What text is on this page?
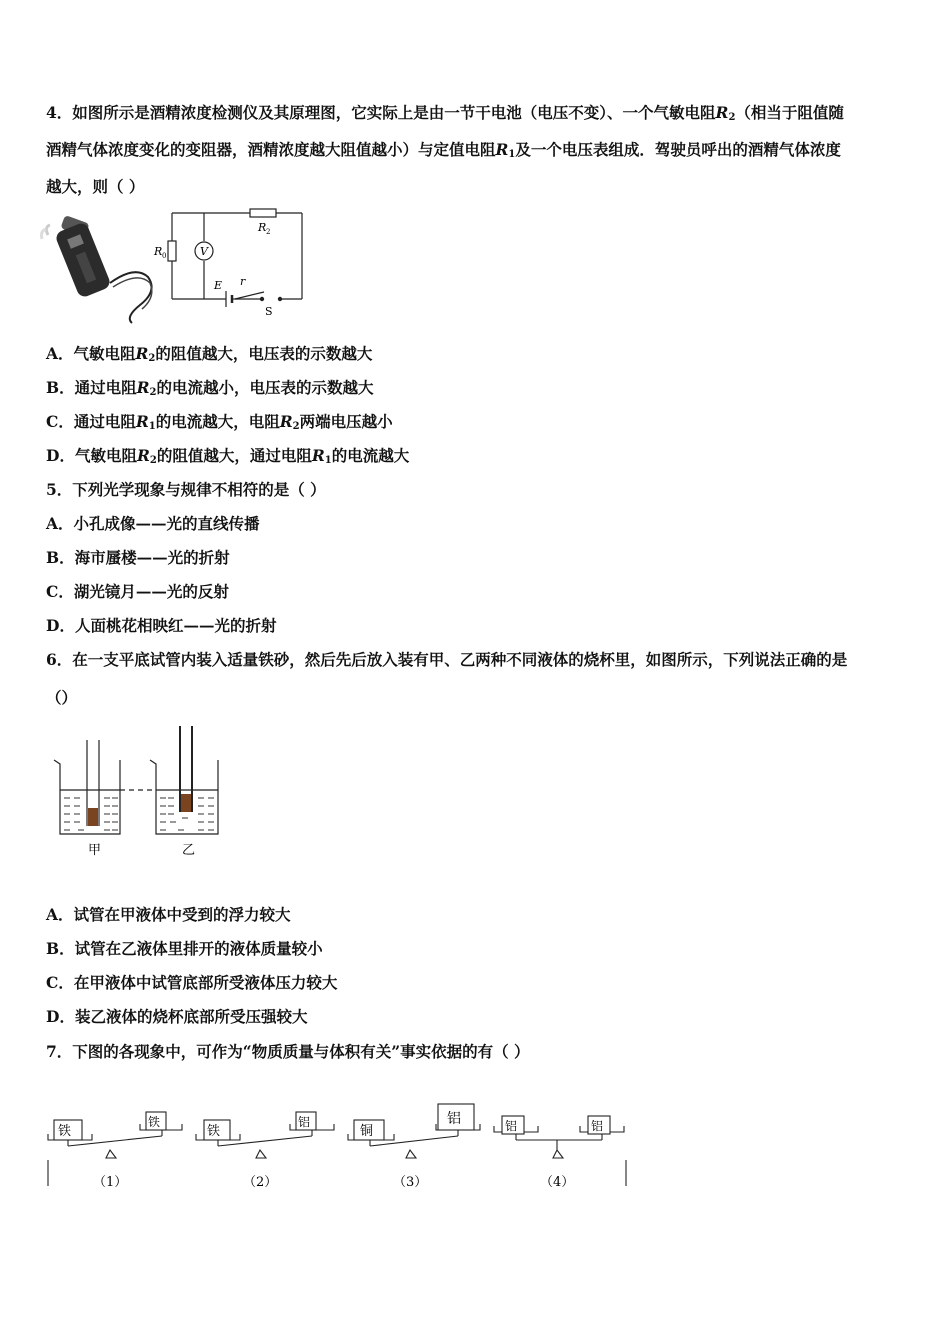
4．如图所示是酒精浓度检测仪及其原理图，它实际上是由一节干电池（电压不变）、一个气敏电阻$R_2$（相当于阻值随
酒精气体浓度变化的变阻器，酒精浓度越大阻值越小）与定值电阻$R_1$及一个电压表组成．驾驶员呼出的酒精气体浓度
越大，则（ ）
V
R 0
R 2
E r
S
A．气敏电阻$R_2$的阻值越大，电压表的示数越大
B．通过电阻$R_2$的电流越小，电压表的示数越大
C．通过电阻$R_1$的电流越大，电阻$R_2$两端电压越小
D．气敏电阻$R_2$的阻值越大，通过电阻$R_1$的电流越大
5．下列光学现象与规律不相符的是（ ）
A．小孔成像——光的直线传播
B．海市蜃楼——光的折射
C．湖光镜月——光的反射
D．人面桃花相映红——光的折射
6．在一支平底试管内装入适量铁砂，然后先后放入装有甲、乙两种不同液体的烧杯里，如图所示，下列说法正确的是
（）
甲	乙
A．试管在甲液体中受到的浮力较大
B．试管在乙液体里排开的液体质量较小
C．在甲液体中试管底部所受液体压力较大
D．装乙液体的烧杯底部所受压强较大
7．下图的各现象中，可作为“物质质量与体积有关”事实依据的有（ ）
铁
铁
（1）
铁
铝
（2）
铜
铝
（3）
铝	铝
（4）
